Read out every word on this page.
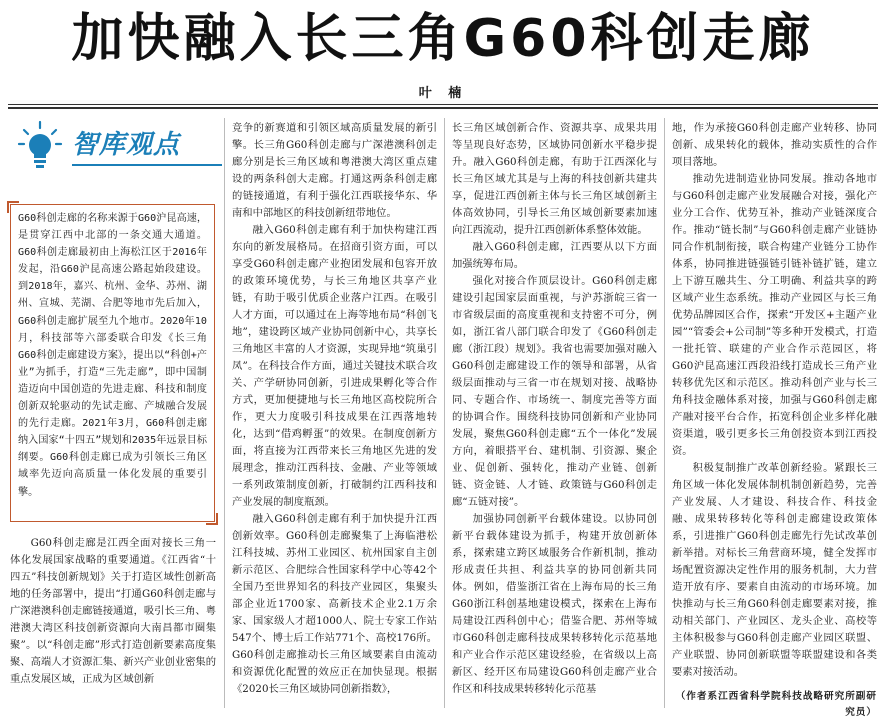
加快融入长三角G60科创走廊
叶 楠
智库观点
G60科创走廊的名称来源于G60沪昆高速，是贯穿江西中北部的一条交通大通道。G60科创走廊最初由上海松江区于2016年发起，沿G60沪昆高速公路起始段建设。到2018年，嘉兴、杭州、金华、苏州、湖州、宣城、芜湖、合肥等地市先后加入，G60科创走廊扩展至九个地市。2020年10月，科技部等六部委联合印发《长三角G60科创走廊建设方案》，提出以“科创+产业”为抓手，打造“三先走廊”，即中国制造迈向中国创造的先进走廊、科技和制度创新双轮驱动的先试走廊、产城融合发展的先行走廊。2021年3月，G60科创走廊纳入国家“十四五”规划和2035年远景目标纲要。G60科创走廊已成为引领长三角区域率先迈向高质量一体化发展的重要引擎。

G60科创走廊是江西全面对接长三角一体化发展国家战略的重要通道。《江西省“十四五”科技创新规划》关于打造区域性创新高地的任务部署中，提出“打通G60科创走廊与广深港澳科创走廊链接通道，吸引长三角、粤港澳大湾区科技创新资源向大南昌都市圈集聚”。以“科创走廊”形式打造创新要素高度集聚、高端人才资源汇集、新兴产业创业密集的重点发展区域，正成为区域创新

竞争的新赛道和引领区域高质量发展的新引擎。长三角G60科创走廊与广深港澳科创走廊分别是长三角区域和粤港澳大湾区重点建设的两条科创大走廊。打通这两条科创走廊的链接通道，有利于强化江西联接华东、华南和中部地区的科技创新纽带地位。

融入G60科创走廊有利于加快构建江西东向的新发展格局。在招商引资方面，可以享受G60科创走廊产业抱团发展和包容开放的政策环境优势，与长三角地区共享产业链，有助于吸引优质企业落户江西。在吸引人才方面，可以通过在上海等地布局“科创飞地”，建设跨区域产业协同创新中心，共享长三角地区丰富的人才资源，实现异地“筑巢引凤”。在科技合作方面，通过关键技术联合攻关、产学研协同创新，引进成果孵化等合作方式，更加便捷地与长三角地区高校院所合作，更大力度吸引科技成果在江西落地转化，达到“借鸡孵蛋”的效果。在制度创新方面，将直接为江西带来长三角地区先进的发展理念，推动江西科技、金融、产业等领域一系列政策制度创新，打破制约江西科技和产业发展的制度瓶颈。

融入G60科创走廊有利于加快提升江西创新效率。G60科创走廊聚集了上海临港松江科技城、苏州工业园区、杭州国家自主创新示范区、合肥综合性国家科学中心等42个全国乃至世界知名的科技产业园区，集聚头部企业近1700家、高新技术企业2.1万余家、国家级人才超1000人、院士专家工作站547个、博士后工作站771个、高校176所。G60科创走廊推动长三角区域要素自由流动和资源优化配置的效应正在加快显现。根据《2020长三角区域协同创新指数》，

长三角区域创新合作、资源共享、成果共用等呈现良好态势，区域协同创新水平稳步提升。融入G60科创走廊，有助于江西深化与长三角区域尤其是与上海的科技创新共建共享，促进江西创新主体与长三角区域创新主体高效协同，引导长三角区域创新要素加速向江西流动，提升江西创新体系整体效能。

融入G60科创走廊，江西要从以下方面加强统筹布局。

强化对接合作顶层设计。G60科创走廊建设引起国家层面重视，与沪苏浙皖三省一市省级层面的高度重视和支持密不可分，例如，浙江省八部门联合印发了《G60科创走廊（浙江段）规划》。我省也需要加强对融入G60科创走廊建设工作的领导和部署，从省级层面推动与三省一市在规划对接、战略协同、专题合作、市场统一、制度完善等方面的协调合作。围绕科技协同创新和产业协同发展，聚焦G60科创走廊“五个一体化”发展方向，着眼搭平台、建机制、引资源、聚企业、促创新、强转化，推动产业链、创新链、资金链、人才链、政策链与G60科创走廊“五链对接”。

加强协同创新平台载体建设。以协同创新平台载体建设为抓手，构建开放创新体系，探索建立跨区域服务合作新机制，推动形成责任共担、利益共享的协同创新共同体。例如，借鉴浙江省在上海布局的长三角G60浙江科创基地建设模式，探索在上海布局建设江西科创中心；借鉴合肥、苏州等城市G60科创走廊科技成果转移转化示范基地和产业合作示范区建设经验，在省级以上高新区、经开区布局建设G60科创走廊产业合作区和科技成果转移转化示范基

地，作为承接G60科创走廊产业转移、协同创新、成果转化的载体，推动实质性的合作项目落地。

推动先进制造业协同发展。推动各地市与G60科创走廊产业发展融合对接，强化产业分工合作、优势互补，推动产业链深度合作。推动“链长制”与G60科创走廊产业链协同合作机制衔接，联合构建产业链分工协作体系，协同推进链强链引链补链扩链，建立上下游互融共生、分工明确、利益共享的跨区域产业生态系统。推动产业园区与长三角优势品牌园区合作，探索“开发区+主题产业园”“管委会+公司制”等多种开发模式，打造一批托管、联建的产业合作示范园区，将G60沪昆高速江西段沿线打造成长三角产业转移优先区和示范区。推动科创产业与长三角科技金融体系对接，加强与G60科创走廊产融对接平台合作，拓宽科创企业多样化融资渠道，吸引更多长三角创投资本到江西投资。

积极复制推广改革创新经验。紧跟长三角区域一体化发展体制机制创新趋势，完善产业发展、人才建设、科技合作、科技金融、成果转移转化等科创走廊建设政策体系，引进推广G60科创走廊先行先试改革创新举措。对标长三角营商环境，健全发挥市场配置资源决定性作用的服务机制，大力营造开放有序、要素自由流动的市场环境。加快推动与长三角G60科创走廊要素对接，推动相关部门、产业园区、龙头企业、高校等主体积极参与G60科创走廊产业园区联盟、产业联盟、协同创新联盟等联盟建设和各类要素对接活动。

（作者系江西省科学院科技战略研究所副研究员）
